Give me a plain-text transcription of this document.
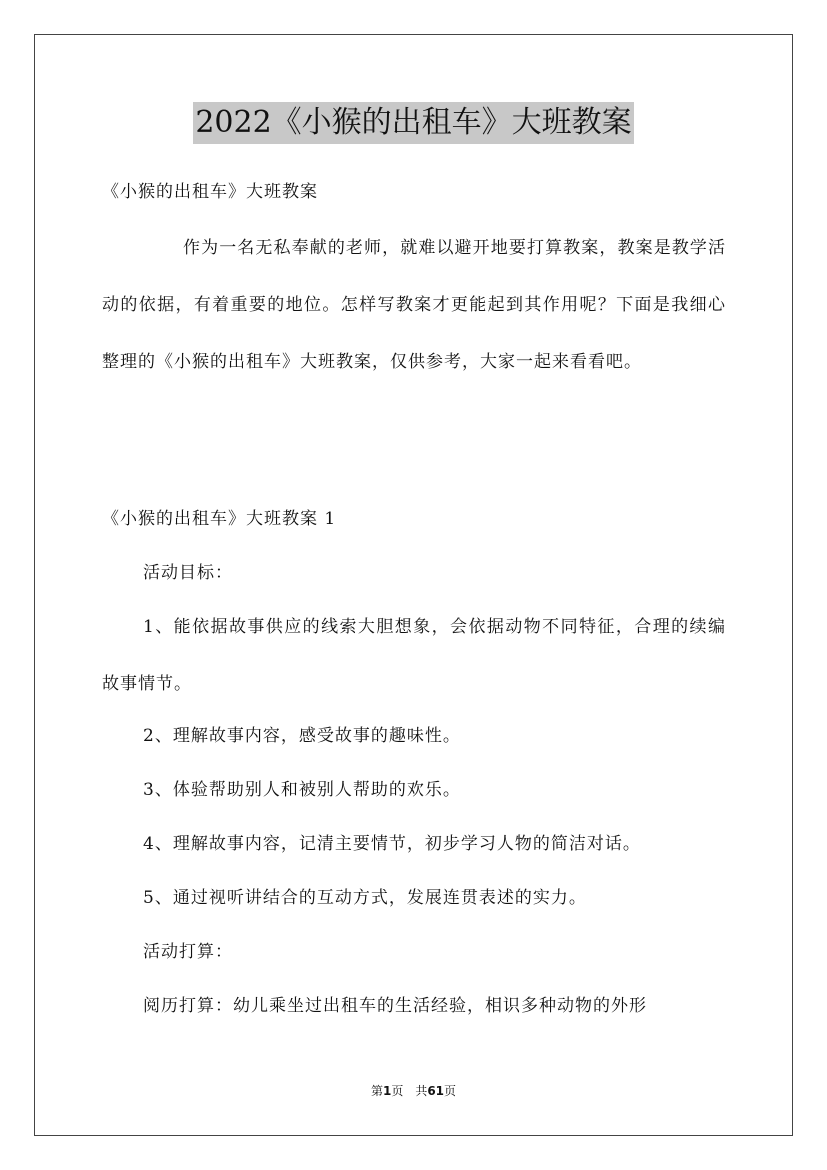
2022《小猴的出租车》大班教案

《小猴的出租车》大班教案

作为一名无私奉献的老师，就难以避开地要打算教案，教案是教学活动的依据，有着重要的地位。怎样写教案才更能起到其作用呢？下面是我细心整理的《小猴的出租车》大班教案，仅供参考，大家一起来看看吧。

《小猴的出租车》大班教案 1

活动目标：

1、能依据故事供应的线索大胆想象，会依据动物不同特征，合理的续编故事情节。

2、理解故事内容，感受故事的趣味性。

3、体验帮助别人和被别人帮助的欢乐。

4、理解故事内容，记清主要情节，初步学习人物的简洁对话。

5、通过视听讲结合的互动方式，发展连贯表述的实力。

活动打算：

阅历打算：幼儿乘坐过出租车的生活经验，相识多种动物的外形

第1页　共61页
